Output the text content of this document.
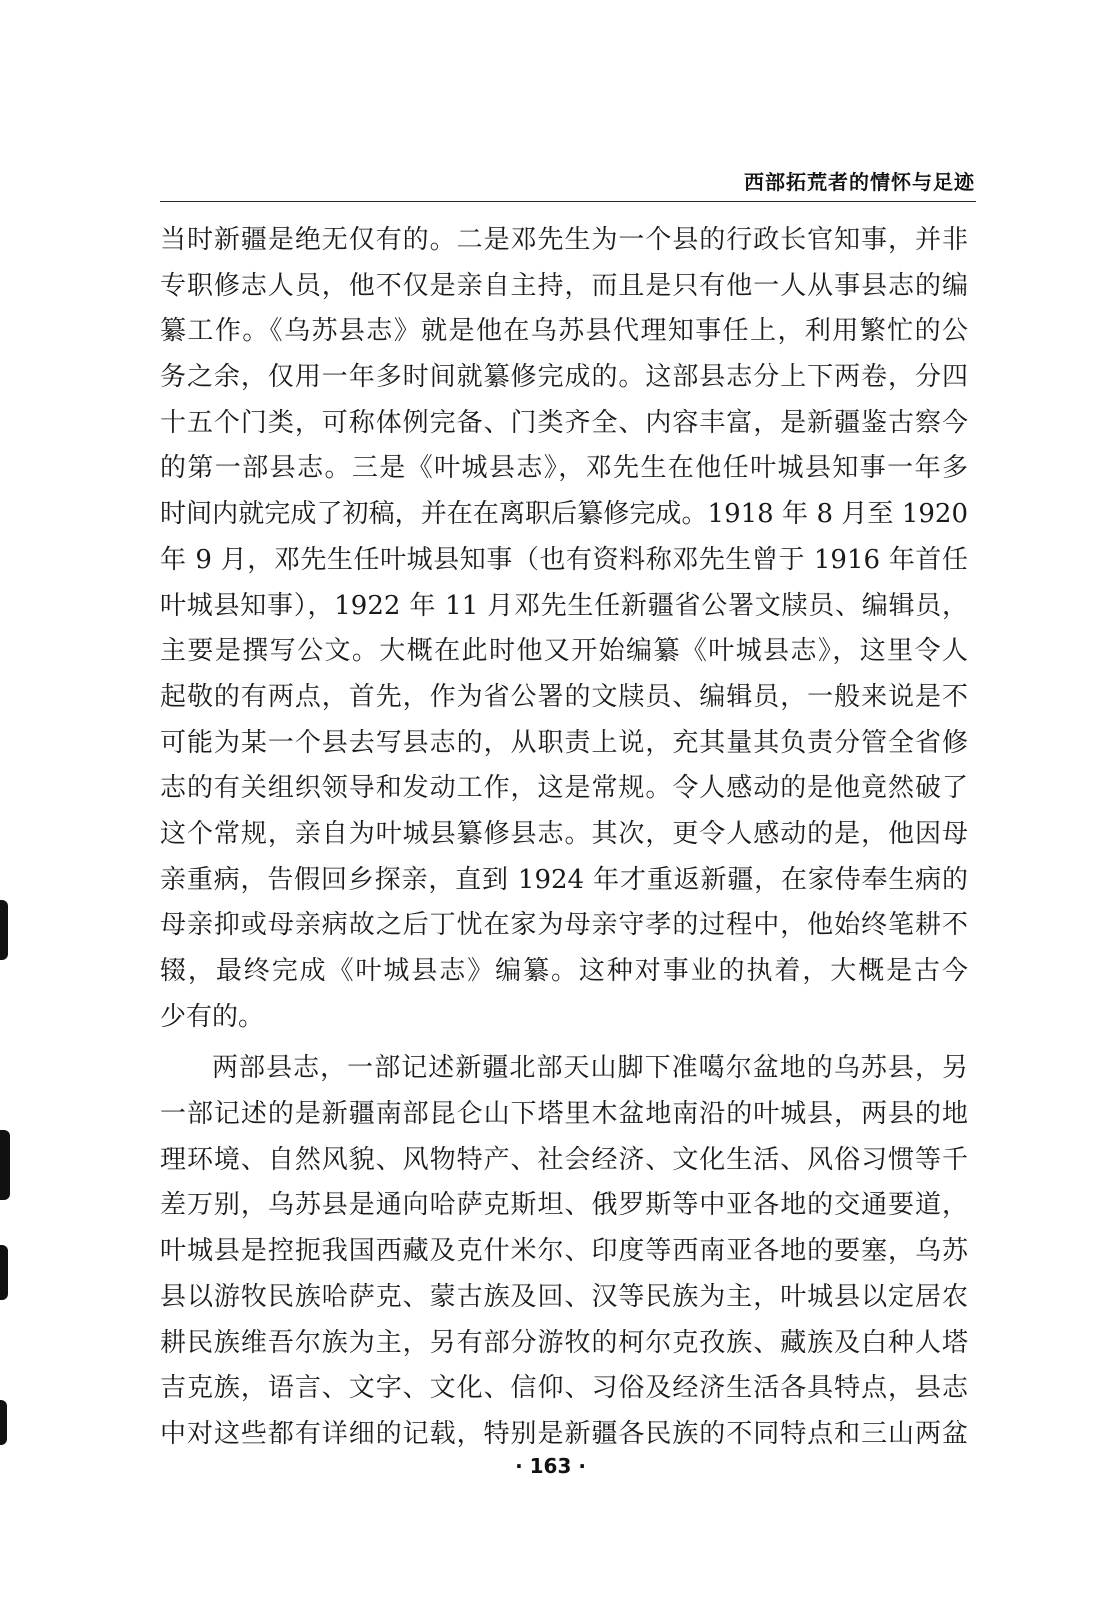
西部拓荒者的情怀与足迹
当时新疆是绝无仅有的。二是邓先生为一个县的行政长官知事，并非
专职修志人员，他不仅是亲自主持，而且是只有他一人从事县志的编
纂工作。《乌苏县志》就是他在乌苏县代理知事任上，利用繁忙的公
务之余，仅用一年多时间就纂修完成的。这部县志分上下两卷，分四
十五个门类，可称体例完备、门类齐全、内容丰富，是新疆鉴古察今
的第一部县志。三是《叶城县志》，邓先生在他任叶城县知事一年多
时间内就完成了初稿，并在在离职后纂修完成。1918 年 8 月至 1920
年 9 月，邓先生任叶城县知事（也有资料称邓先生曾于 1916 年首任
叶城县知事），1922 年 11 月邓先生任新疆省公署文牍员、编辑员，
主要是撰写公文。大概在此时他又开始编纂《叶城县志》，这里令人
起敬的有两点，首先，作为省公署的文牍员、编辑员，一般来说是不
可能为某一个县去写县志的，从职责上说，充其量其负责分管全省修
志的有关组织领导和发动工作，这是常规。令人感动的是他竟然破了
这个常规，亲自为叶城县纂修县志。其次，更令人感动的是，他因母
亲重病，告假回乡探亲，直到 1924 年才重返新疆，在家侍奉生病的
母亲抑或母亲病故之后丁忧在家为母亲守孝的过程中，他始终笔耕不
辍，最终完成《叶城县志》编纂。这种对事业的执着，大概是古今
少有的。
两部县志，一部记述新疆北部天山脚下准噶尔盆地的乌苏县，另
一部记述的是新疆南部昆仑山下塔里木盆地南沿的叶城县，两县的地
理环境、自然风貌、风物特产、社会经济、文化生活、风俗习惯等千
差万别，乌苏县是通向哈萨克斯坦、俄罗斯等中亚各地的交通要道，
叶城县是控扼我国西藏及克什米尔、印度等西南亚各地的要塞，乌苏
县以游牧民族哈萨克、蒙古族及回、汉等民族为主，叶城县以定居农
耕民族维吾尔族为主，另有部分游牧的柯尔克孜族、藏族及白种人塔
吉克族，语言、文字、文化、信仰、习俗及经济生活各具特点，县志
中对这些都有详细的记载，特别是新疆各民族的不同特点和三山两盆
· 163 ·
